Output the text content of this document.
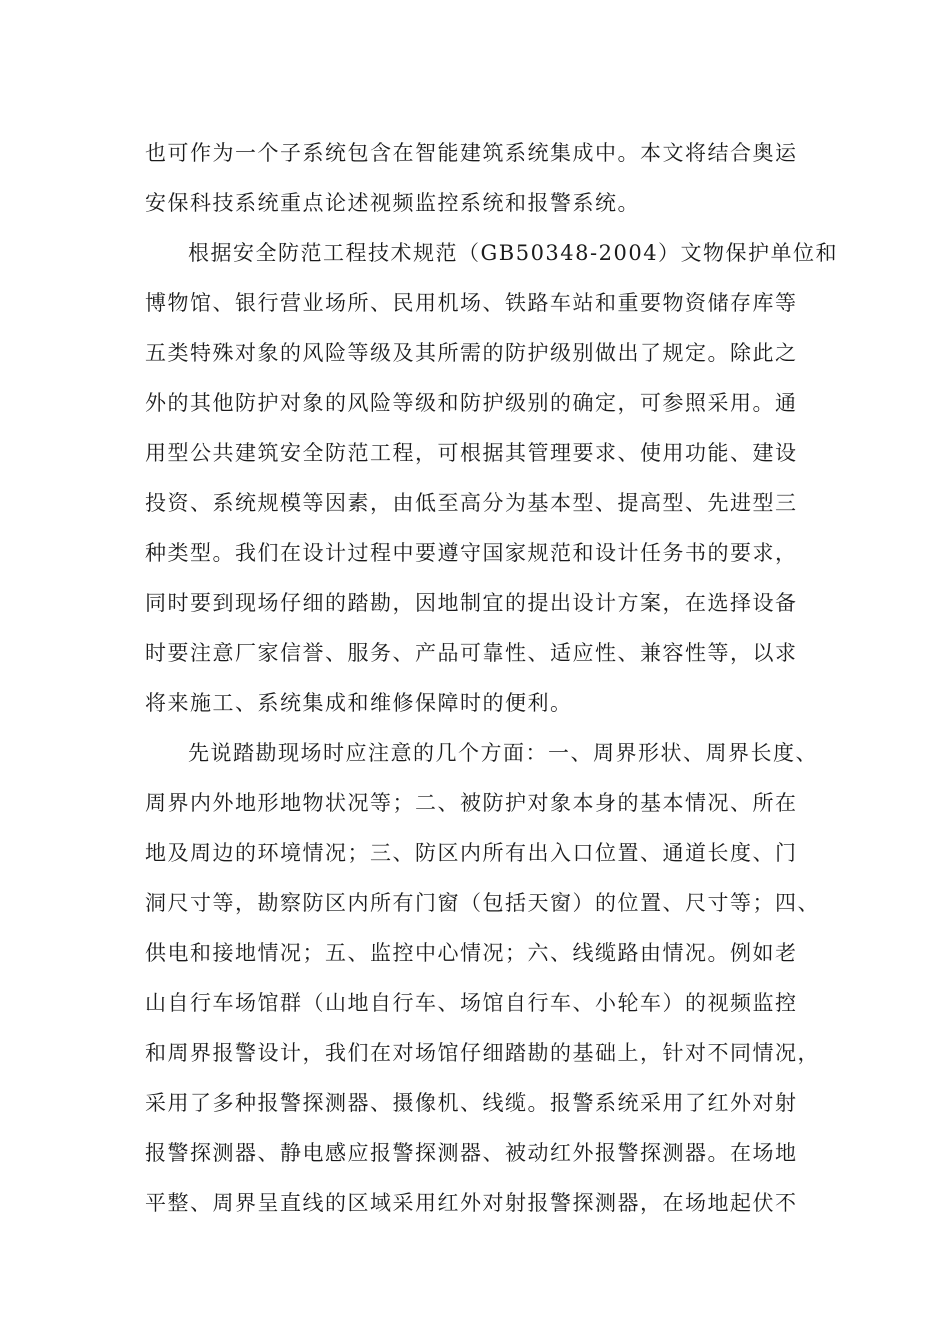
也可作为一个子系统包含在智能建筑系统集成中。本文将结合奥运
安保科技系统重点论述视频监控系统和报警系统。
根据安全防范工程技术规范（GB50348-2004）文物保护单位和
博物馆、银行营业场所、民用机场、铁路车站和重要物资储存库等
五类特殊对象的风险等级及其所需的防护级别做出了规定。除此之
外的其他防护对象的风险等级和防护级别的确定，可参照采用。通
用型公共建筑安全防范工程，可根据其管理要求、使用功能、建设
投资、系统规模等因素，由低至高分为基本型、提高型、先进型三
种类型。我们在设计过程中要遵守国家规范和设计任务书的要求，
同时要到现场仔细的踏勘，因地制宜的提出设计方案，在选择设备
时要注意厂家信誉、服务、产品可靠性、适应性、兼容性等，以求
将来施工、系统集成和维修保障时的便利。
先说踏勘现场时应注意的几个方面：一、周界形状、周界长度、
周界内外地形地物状况等；二、被防护对象本身的基本情况、所在
地及周边的环境情况；三、防区内所有出入口位置、通道长度、门
洞尺寸等，勘察防区内所有门窗（包括天窗）的位置、尺寸等；四、
供电和接地情况；五、监控中心情况；六、线缆路由情况。例如老
山自行车场馆群（山地自行车、场馆自行车、小轮车）的视频监控
和周界报警设计，我们在对场馆仔细踏勘的基础上，针对不同情况，
采用了多种报警探测器、摄像机、线缆。报警系统采用了红外对射
报警探测器、静电感应报警探测器、被动红外报警探测器。在场地
平整、周界呈直线的区域采用红外对射报警探测器，在场地起伏不
